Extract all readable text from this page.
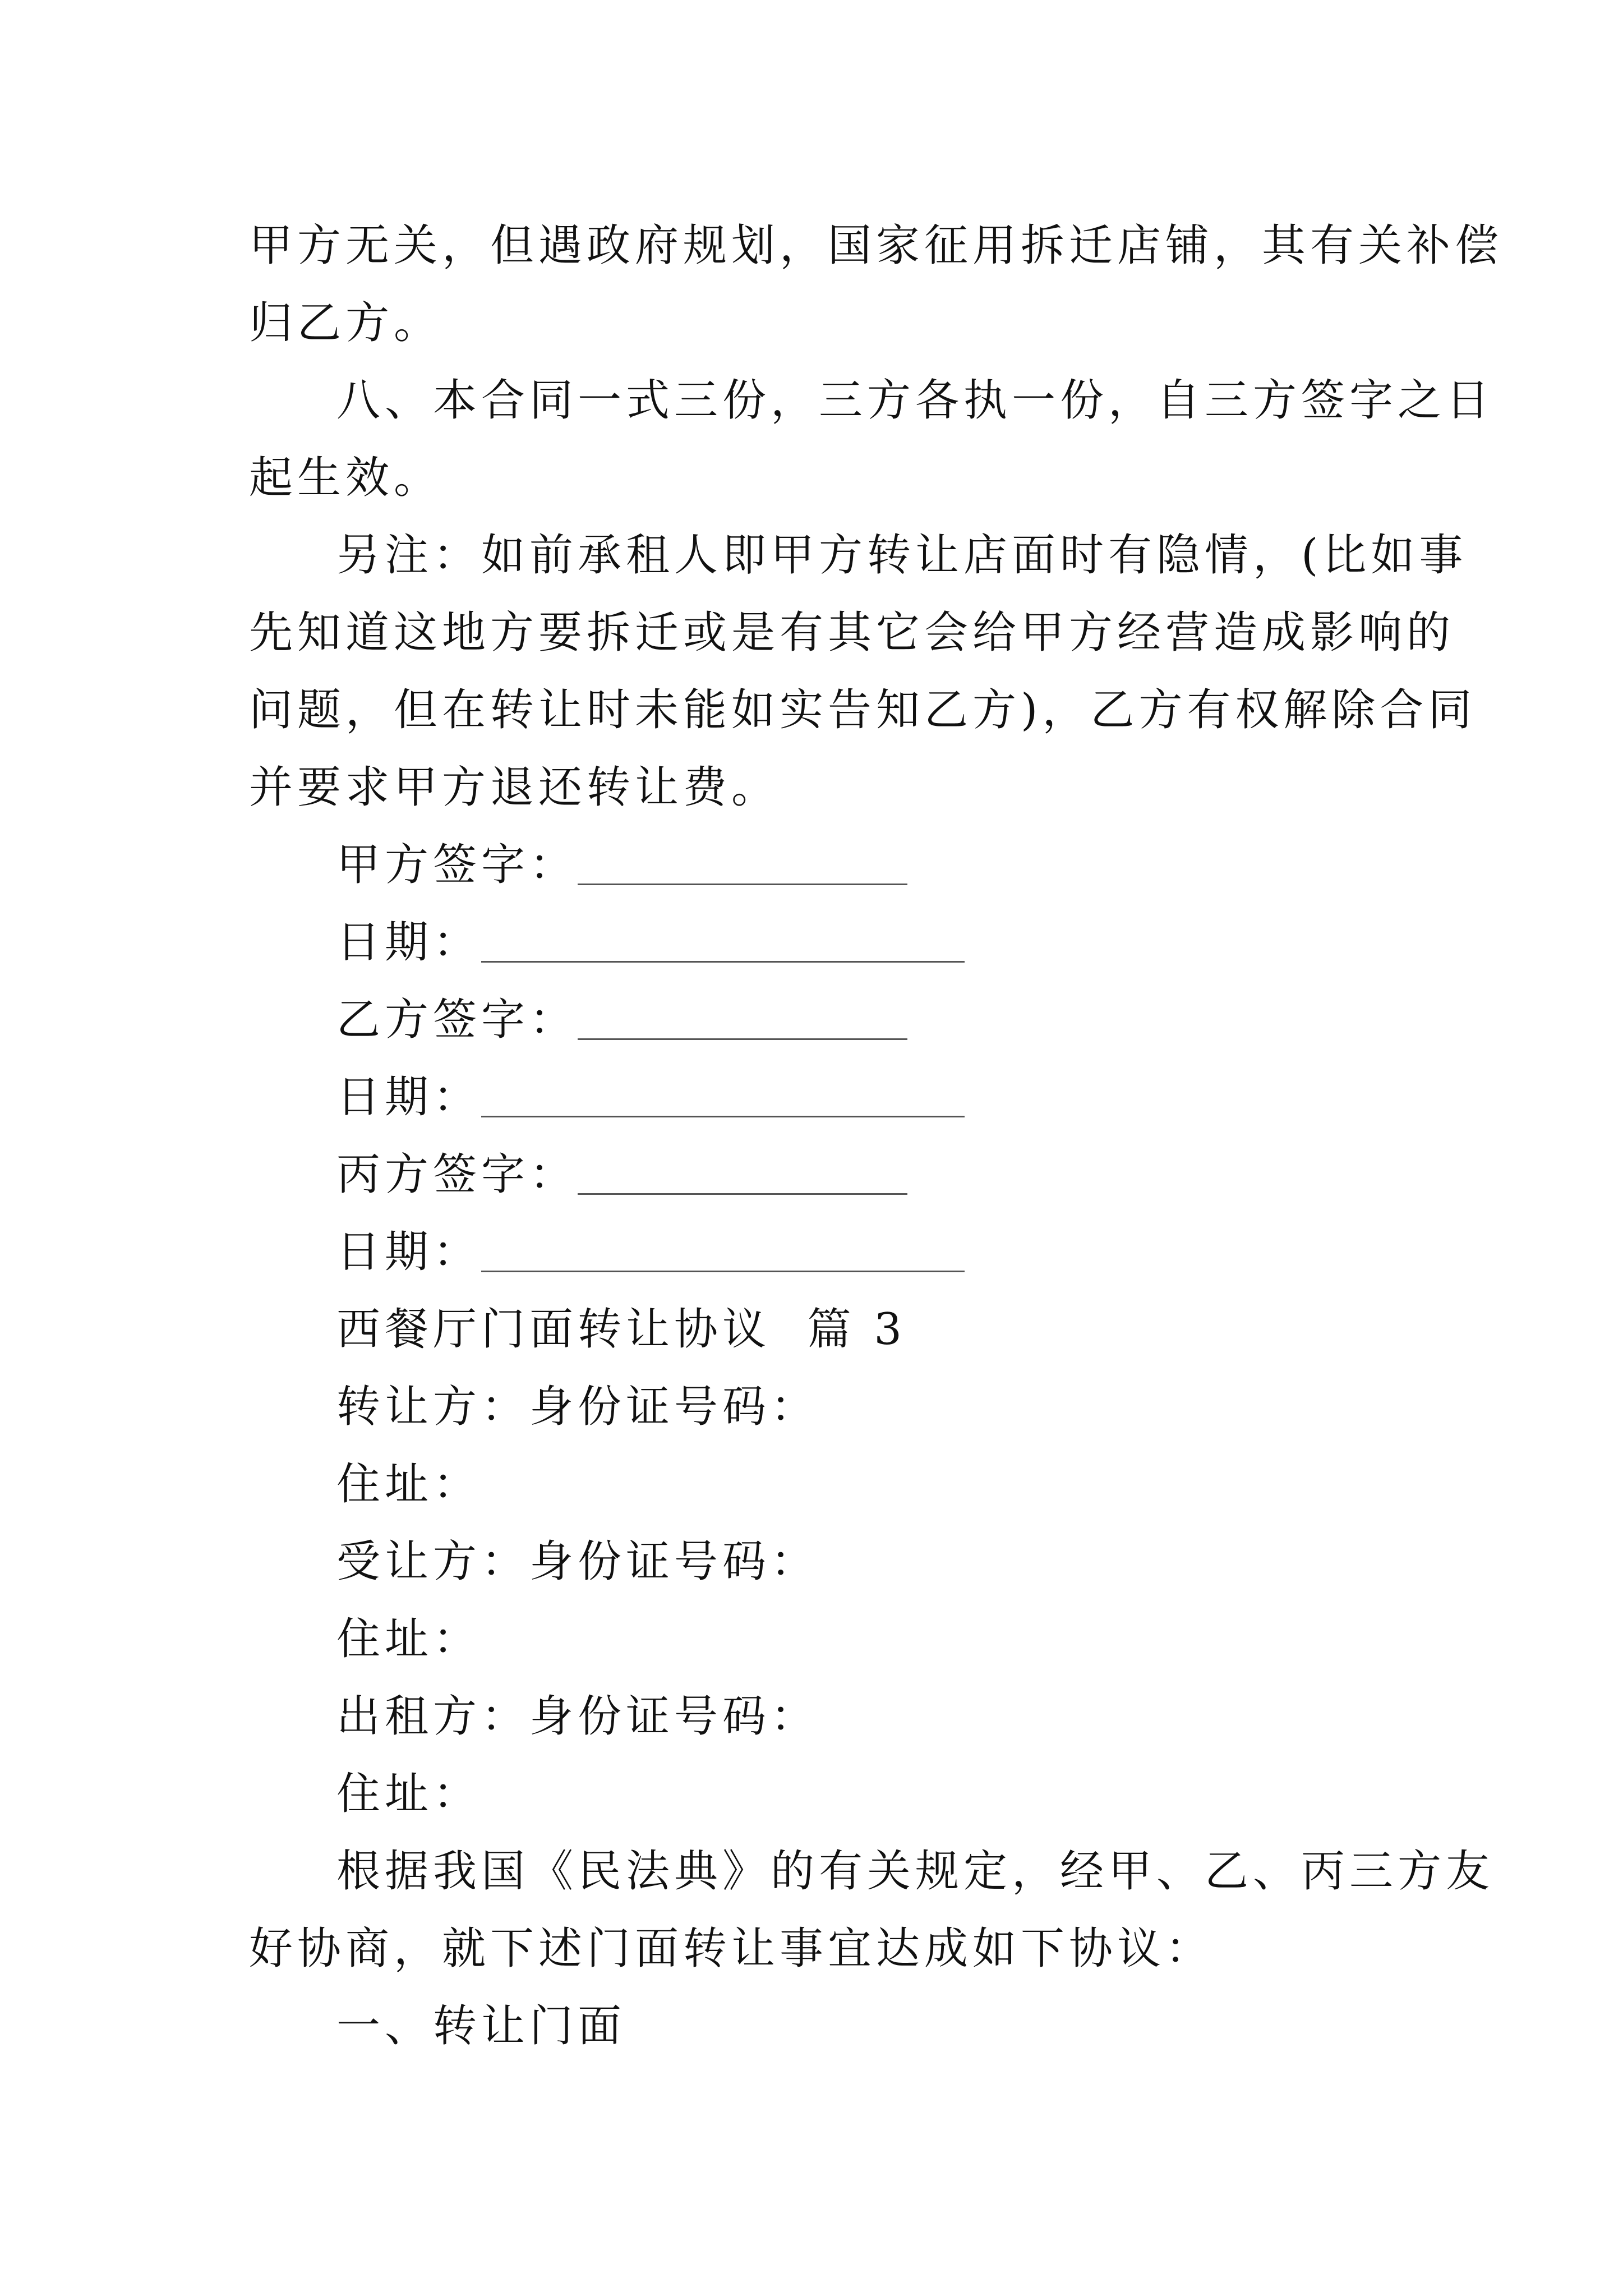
甲方无关，但遇政府规划，国家征用拆迁店铺，其有关补偿
归乙方。
八、本合同一式三份，三方各执一份，自三方签字之日
起生效。
另注：如前承租人即甲方转让店面时有隐情，(比如事
先知道这地方要拆迁或是有其它会给甲方经营造成影响的
问题，但在转让时未能如实告知乙方)，乙方有权解除合同
并要求甲方退还转让费。
甲方签字：
日期：
乙方签字：
日期：
丙方签字：
日期：
西餐厅门面转让协议  篇 3
转让方：身份证号码：
住址：
受让方：身份证号码：
住址：
出租方：身份证号码：
住址：
根据我国《民法典》的有关规定，经甲、乙、丙三方友
好协商，就下述门面转让事宜达成如下协议：
一、转让门面
